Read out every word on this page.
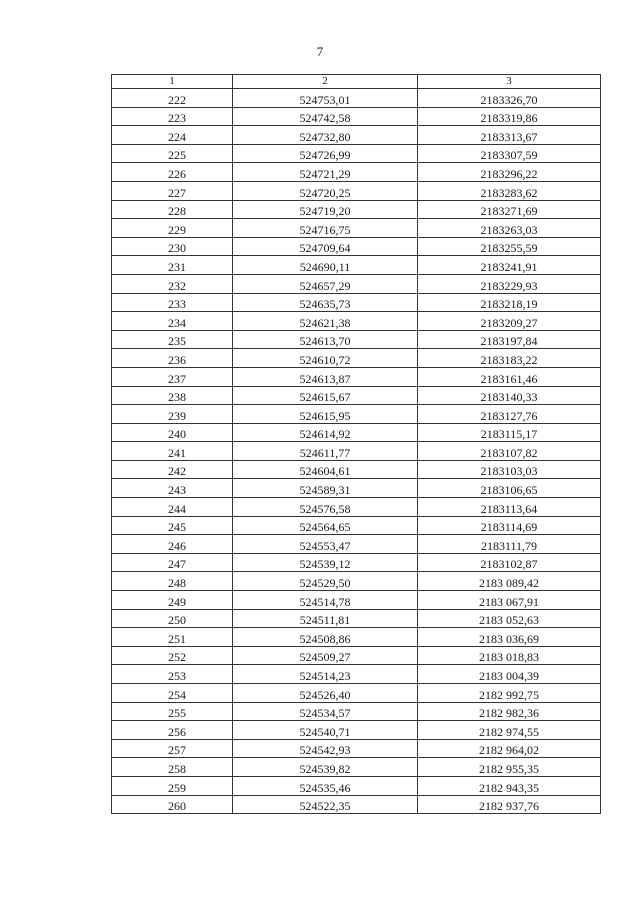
7
1	2	3
222	524753,01	2183326,70
223	524742,58	2183319,86
224	524732,80	2183313,67
225	524726,99	2183307,59
226	524721,29	2183296,22
227	524720,25	2183283,62
228	524719,20	2183271,69
229	524716,75	2183263,03
230	524709,64	2183255,59
231	524690,11	2183241,91
232	524657,29	2183229,93
233	524635,73	2183218,19
234	524621,38	2183209,27
235	524613,70	2183197,84
236	524610,72	2183183,22
237	524613,87	2183161,46
238	524615,67	2183140,33
239	524615,95	2183127,76
240	524614,92	2183115,17
241	524611,77	2183107,82
242	524604,61	2183103,03
243	524589,31	2183106,65
244	524576,58	2183113,64
245	524564,65	2183114,69
246	524553,47	2183111,79
247	524539,12	2183102,87
248	524529,50	2183 089,42
249	524514,78	2183 067,91
250	524511,81	2183 052,63
251	524508,86	2183 036,69
252	524509,27	2183 018,83
253	524514,23	2183 004,39
254	524526,40	2182 992,75
255	524534,57	2182 982,36
256	524540,71	2182 974,55
257	524542,93	2182 964,02
258	524539,82	2182 955,35
259	524535,46	2182 943,35
260	524522,35	2182 937,76
